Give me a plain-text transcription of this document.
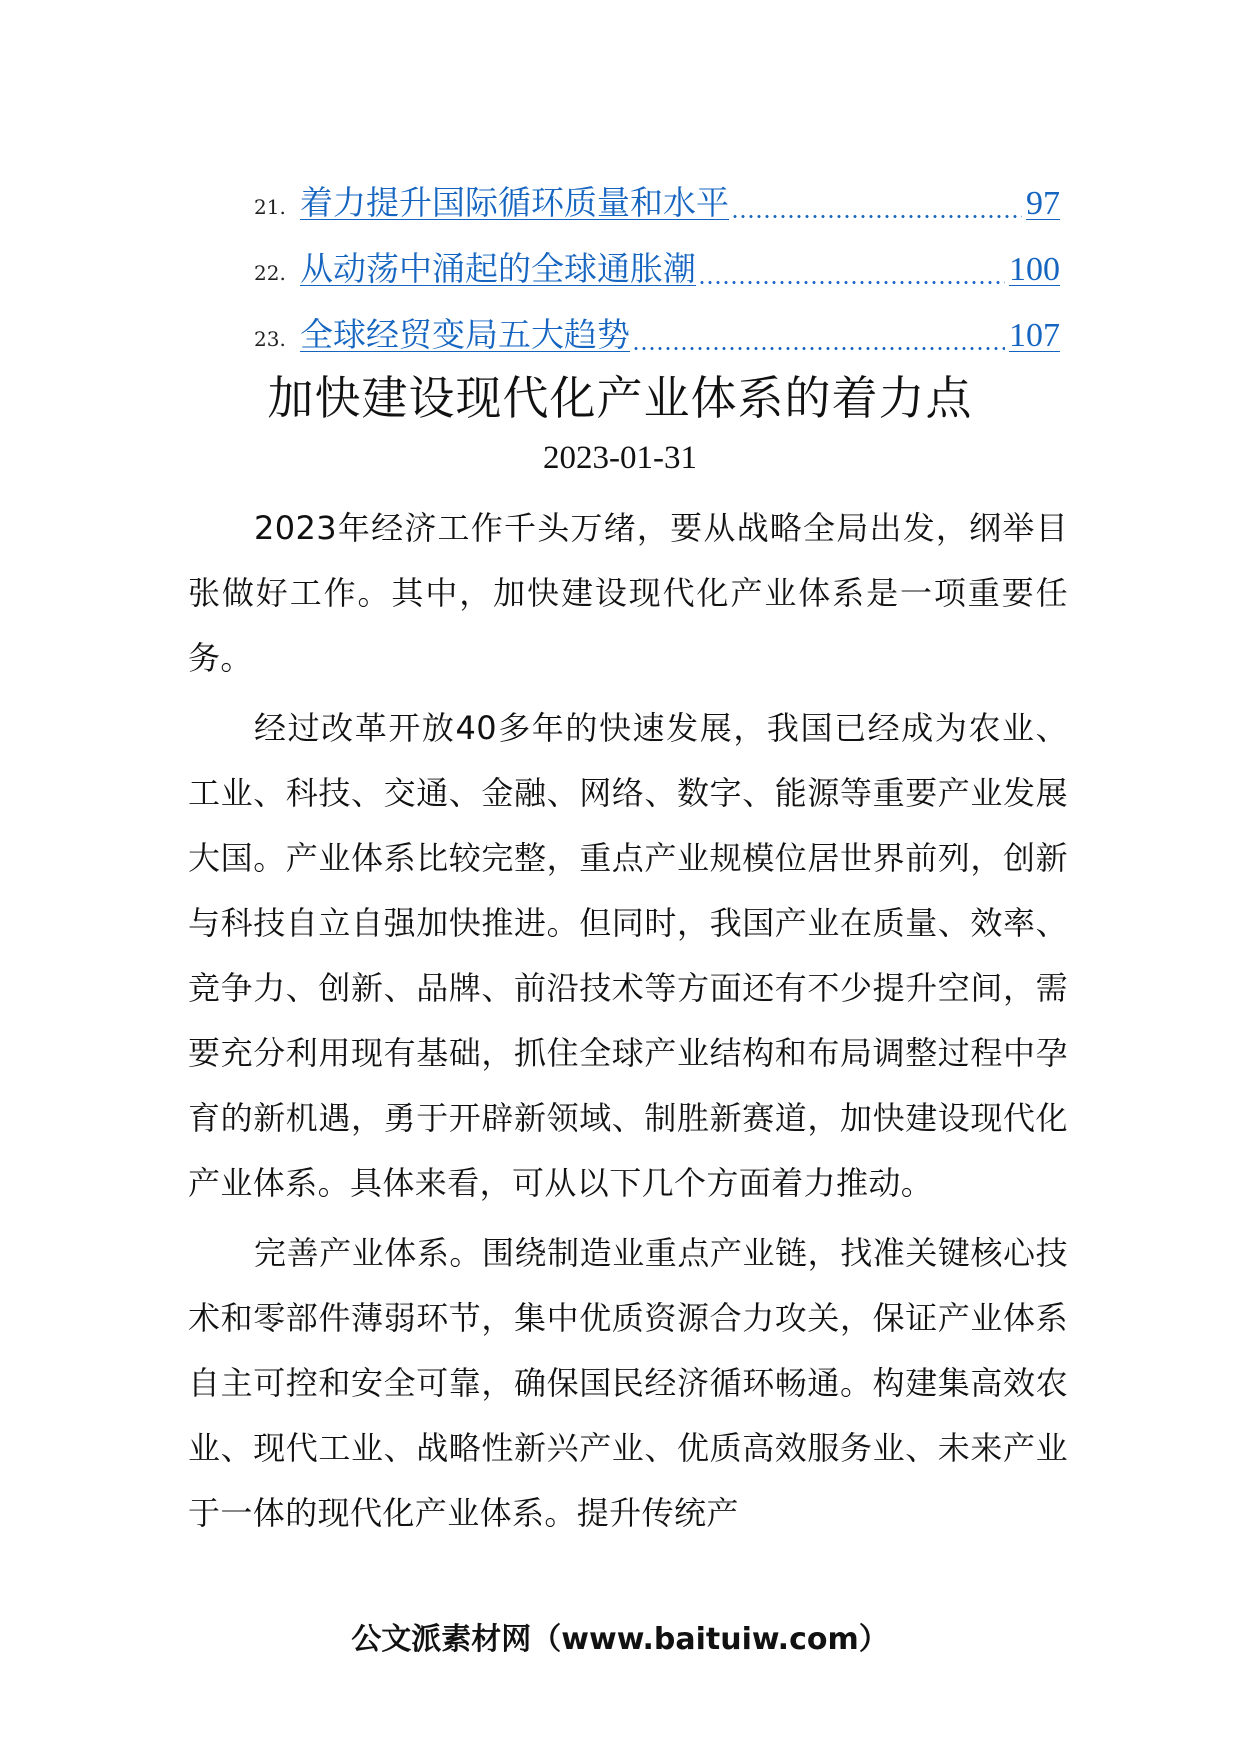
21. 着力提升国际循环质量和水平	97
22. 从动荡中涌起的全球通胀潮	100
23. 全球经贸变局五大趋势	107
加快建设现代化产业体系的着力点
2023-01-31

2023年经济工作千头万绪，要从战略全局出发，纲举目张做好工作。其中，加快建设现代化产业体系是一项重要任务。

经过改革开放40多年的快速发展，我国已经成为农业、工业、科技、交通、金融、网络、数字、能源等重要产业发展大国。产业体系比较完整，重点产业规模位居世界前列，创新与科技自立自强加快推进。但同时，我国产业在质量、效率、竞争力、创新、品牌、前沿技术等方面还有不少提升空间，需要充分利用现有基础，抓住全球产业结构和布局调整过程中孕育的新机遇，勇于开辟新领域、制胜新赛道，加快建设现代化产业体系。具体来看，可从以下几个方面着力推动。

完善产业体系。围绕制造业重点产业链，找准关键核心技术和零部件薄弱环节，集中优质资源合力攻关，保证产业体系自主可控和安全可靠，确保国民经济循环畅通。构建集高效农业、现代工业、战略性新兴产业、优质高效服务业、未来产业于一体的现代化产业体系。提升传统产

公文派素材网（www.baituiw.com）
